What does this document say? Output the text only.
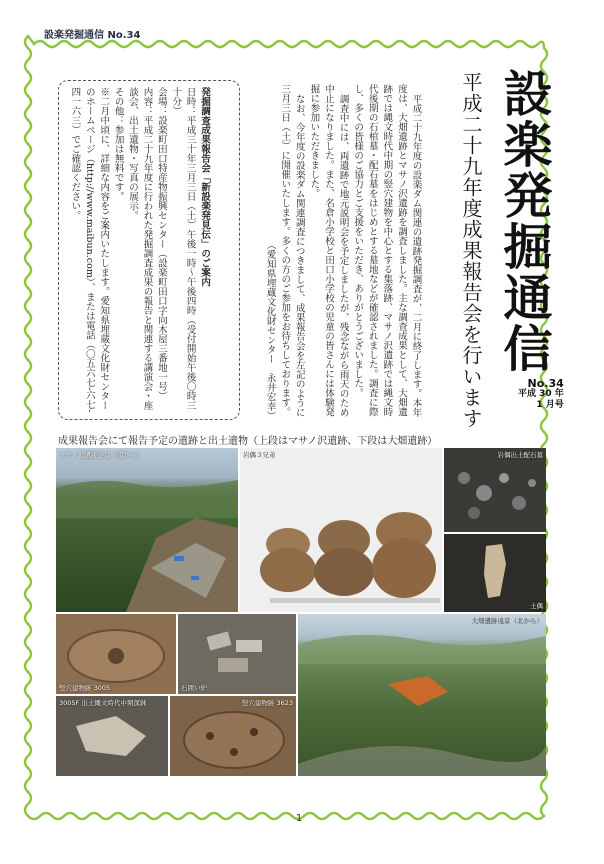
設楽発掘通信 No.34
設楽発掘通信
平成二十九年度成果報告会を行います	No.34
平成 30 年
1 月号

平成二十九年度の設楽ダム関連の遺跡発掘調査が、二月に終了します。本年度は、大畑遺跡とマサノ沢遺跡を調査しました。主な調査成果として、大畑遺跡では縄文時代中期の竪穴建物を中心とする集落跡、マサノ沢遺跡では縄文時代後期の石棺墓・配石墓をはじめとする墓地などが確認されました。調査に際し、多くの皆様のご協力とご支援をいただき、ありがとうございました。

調査中には、両遺跡で地元説明会を予定しましたが、残念ながら雨天のため中止になりました。また、名倉小学校と田口小学校の児童の皆さんには体験発掘に参加いただきました。

なお、今年度の設楽ダム関連調査につきまして、成果報告会を左記のように三月三日（土）に開催いたします。多くの方のご参加をお待ちしております。

（愛知県埋蔵文化財センター　永井宏幸）

発掘調査成果報告会「新設楽発見伝」のご案内

日時：平成三十年三月三日（土）午後一時～午後四時（受付開始午後〇時三十分）

会場：設楽町田口特産物振興センター（設楽町田口字向木屋三番地一号）

内容：平成二十九年度に行われた発掘調査成果の報告と関連する講演会・座談会、出土遺物・写真の展示。

その他：参加は無料です。

※二月中頃に、詳細な内容をご案内いたします。愛知県埋蔵文化財センターのホームページ（http://www.maibun.com）、または電話（〇五六七-六七-四一六三）でご確認ください。

成果報告会にて報告予定の遺跡と出土遺物（上段はマサノ沢遺跡、下段は大畑遺跡）
マサノ沢遺跡全景（南から）	岩偶３兄弟	岩偶出土配石墓
土偶
竪穴建物跡 3005	石囲い炉
3005F 出土縄文時代中期深鉢	竪穴建物跡 3623
大畑遺跡遠景（北から）
1
